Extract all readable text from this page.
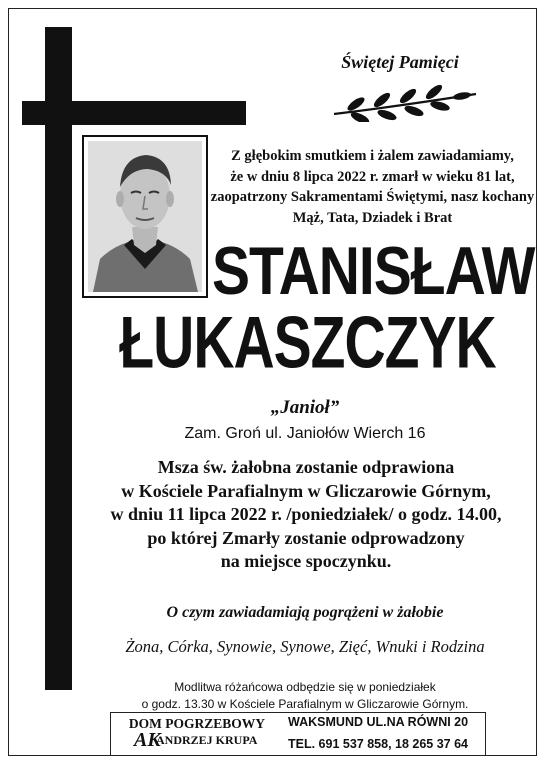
Świętej Pamięci
Z głębokim smutkiem i żalem zawiadamiamy,
że w dniu 8 lipca 2022 r. zmarł w wieku 81 lat,
zaopatrzony Sakramentami Świętymi, nasz kochany
Mąż, Tata, Dziadek i Brat
STANISŁAW
ŁUKASZCZYK
„Janioł”
Zam. Groń ul. Janiołów Wierch 16
Msza św. żałobna zostanie odprawiona
w Kościele Parafialnym w Gliczarowie Górnym,
w dniu 11 lipca 2022 r. /poniedziałek/ o godz. 14.00,
po której Zmarły zostanie odprowadzony
na miejsce spoczynku.
O czym zawiadamiają pogrążeni w żałobie
Żona, Córka, Synowie, Synowe, Zięć, Wnuki i Rodzina
Modlitwa różańcowa odbędzie się w poniedziałek
o godz. 13.30 w Kościele Parafialnym w Gliczarowie Górnym.
DOM POGRZEBOWY
AK
ANDRZEJ KRUPA
WAKSMUND UL.NA RÓWNI 20
TEL. 691 537 858, 18 265 37 64
